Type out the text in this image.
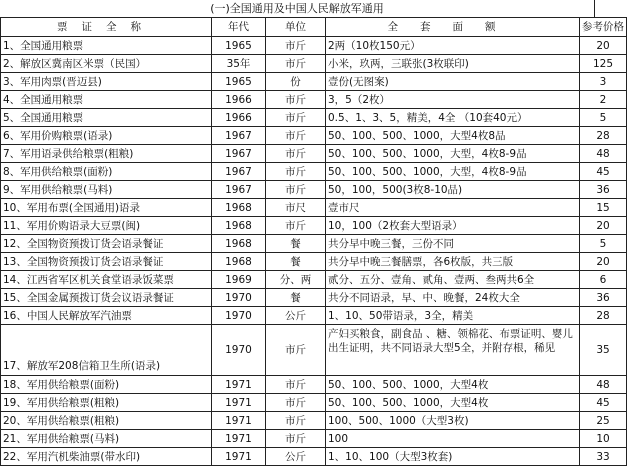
(一)全国通用及中国人民解放军通用
票证全称	年代	单位	全套面额	参考价格
1、全国通用粮票	1965	市斤	2两（10枚150元）	20
2、解放区冀南区米票（民国）	35年	市斤	小米，玖两，三联张(3枚联印)	125
3、军用肉票(晋迈县)	1965	份	壹份(无图案)	3
4、全国通用粮票	1966	市斤	3，5（2枚）	2
5、全国通用粮票	1966	市斤	0.5、1、3、5，精美，4全 （10套40元）	5
6、军用价购粮票(语录)	1967	市斤	50、100、500、1000，大型4枚8品	28
7、军用语录供给粮票(粗粮)	1967	市斤	50、100、500、1000，大型，4枚8-9品	48
8、军用供给粮票(面粉)	1967	市斤	50、100、500、1000，大型，4枚8-9品	45
9、军用供给粮票(马料)	1967	市斤	50，100，500(3枚8-10品)	36
10、军用布票(全国通用)语录	1968	市尺	壹市尺	15
11、军用价购语录大豆票(闽)	1968	市斤	10，100（2枚套大型语录）	20
12、全国物资预拨订货会语录餐证	1968	餐	共分早中晚三餐，三份不同	5
13、全国物资预拨订货会语录餐证	1968	餐	共分早中晚三餐膳票，各6枚版，共三版	20
14、江西省军区机关食堂语录饭菜票	1969	分、两	贰分、五分、壹角、贰角、壹两、叁两共6全	6
15、全国金属预拨订货会议语录餐证	1970	餐	共分不同语录，早、中、晚餐，24枚大全	36
16、中国人民解放军汽油票	1970	公斤	1、10、50带语录，3全，精美	28
17、解放军208信箱卫生所(语录)	1970	市斤	产妇买粮食，副食品 、糖、领棉花、布票证明、婴儿出生证明，共不同语录大型5全，并附存根，稀见	35
18、军用供给粮票(面粉)	1971	市斤	50、100、500、1000，大型4枚	48
19、军用供给粮票(粗粮)	1971	市斤	50、100、500、1000，大型4枚	45
20、军用供给粮票(粗粮)	1971	市斤	100、500、1000（大型3枚)	25
21、军用供给粮票(马料)	1971	市斤	100	10
22、军用汽机柴油票(带水印)	1971	公斤	1、10、100（大型3枚套)	33
